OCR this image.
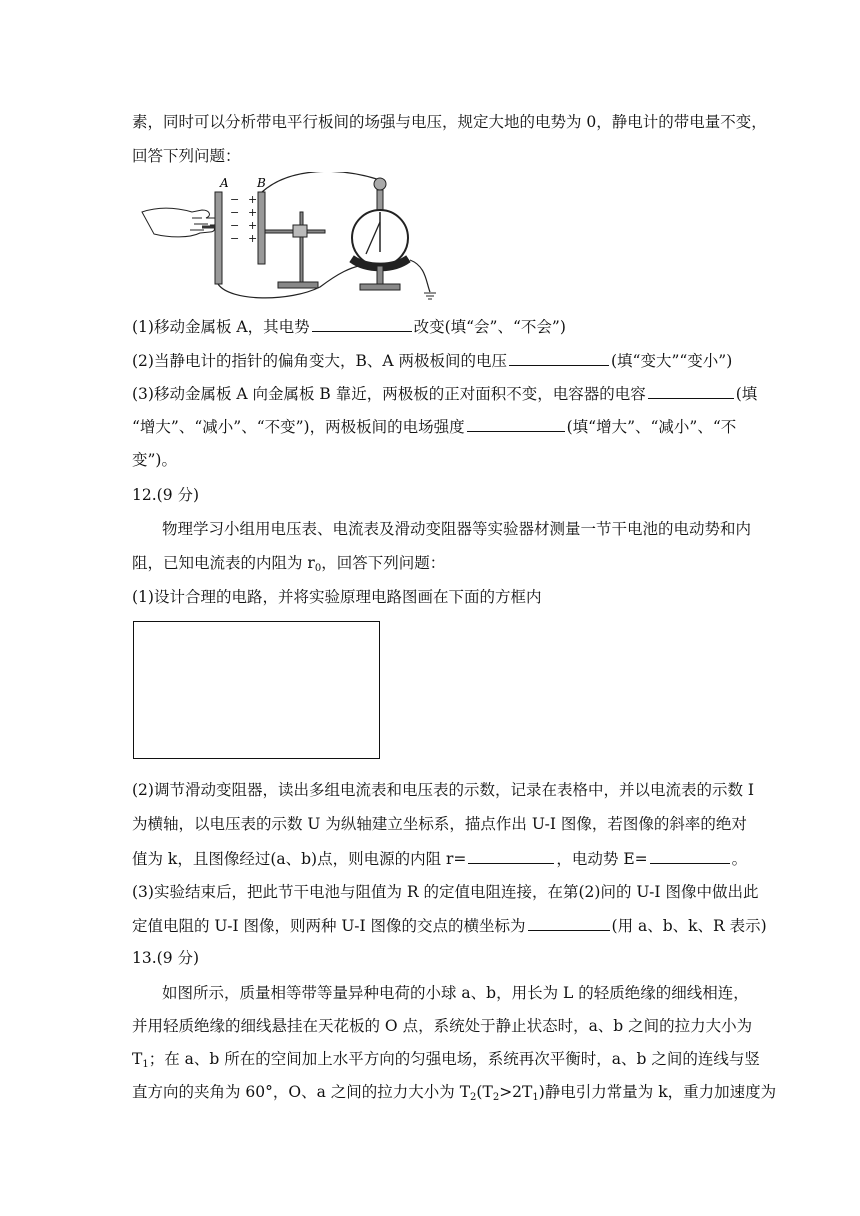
素，同时可以分析带电平行板间的场强与电压，规定大地的电势为 0，静电计的带电量不变，
回答下列问题：
A
−
−
−
−
B
+
+
+
+
(1)移动金属板 A，其电势	改变(填“会”、“不会”)
(2)当静电计的指针的偏角变大，B、A 两极板间的电压	(填“变大”“变小”)
(3)移动金属板 A 向金属板 B 靠近，两极板的正对面积不变，电容器的电容	(填
“增大”、“减小”、“不变”)，两极板间的电场强度	(填“增大”、“减小”、“不
变”)。
12.(9 分)
物理学习小组用电压表、电流表及滑动变阻器等实验器材测量一节干电池的电动势和内
阻，已知电流表的内阻为 $r_0$，回答下列问题：
(1)设计合理的电路，并将实验原理电路图画在下面的方框内
(2)调节滑动变阻器，读出多组电流表和电压表的示数，记录在表格中，并以电流表的示数 I
为横轴，以电压表的示数 U 为纵轴建立坐标系，描点作出 U-I 图像，若图像的斜率的绝对
值为 k，且图像经过(a、b)点，则电源的内阻 r=	，电动势 E=	。
(3)实验结束后，把此节干电池与阻值为 R 的定值电阻连接，在第(2)问的 U-I 图像中做出此
定值电阻的 U-I 图像，则两种 U-I 图像的交点的横坐标为	(用 a、b、k、R 表示)
13.(9 分)
如图所示，质量相等带等量异种电荷的小球 a、b，用长为 L 的轻质绝缘的细线相连，
并用轻质绝缘的细线悬挂在天花板的 O 点，系统处于静止状态时，a、b 之间的拉力大小为
$T_1$；在 a、b 所在的空间加上水平方向的匀强电场，系统再次平衡时，a、b 之间的连线与竖
直方向的夹角为 60°，O、a 之间的拉力大小为 $T_2(T_2>2T_1)$静电引力常量为 k，重力加速度为
